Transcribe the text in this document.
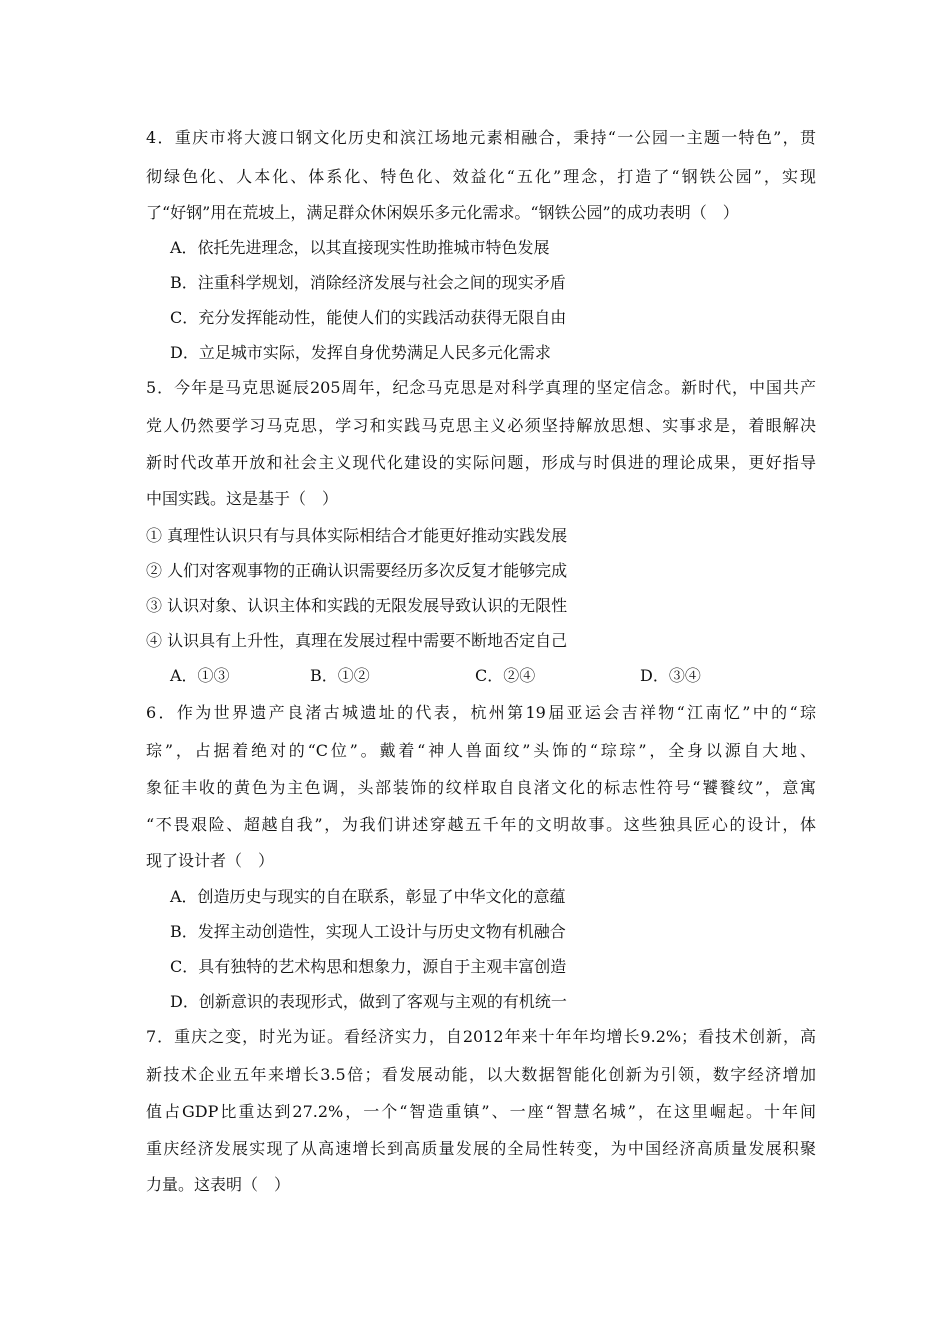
4．重庆市将大渡口钢文化历史和滨江场地元素相融合，秉持“一公园一主题一特色”，贯
彻绿色化、人本化、体系化、特色化、效益化“五化”理念，打造了“钢铁公园”，实现
了“好钢”用在荒坡上，满足群众休闲娱乐多元化需求。“钢铁公园”的成功表明（　）
A．依托先进理念，以其直接现实性助推城市特色发展
B．注重科学规划，消除经济发展与社会之间的现实矛盾
C．充分发挥能动性，能使人们的实践活动获得无限自由
D．立足城市实际，发挥自身优势满足人民多元化需求
5．今年是马克思诞辰205周年，纪念马克思是对科学真理的坚定信念。新时代，中国共产
党人仍然要学习马克思，学习和实践马克思主义必须坚持解放思想、实事求是，着眼解决
新时代改革开放和社会主义现代化建设的实际问题，形成与时俱进的理论成果，更好指导
中国实践。这是基于（　）
① 真理性认识只有与具体实际相结合才能更好推动实践发展
② 人们对客观事物的正确认识需要经历多次反复才能够完成
③ 认识对象、认识主体和实践的无限发展导致认识的无限性
④ 认识具有上升性，真理在发展过程中需要不断地否定自己
A．①③	B．①②	C．②④	D．③④
6．作为世界遗产良渚古城遗址的代表，杭州第19届亚运会吉祥物“江南忆”中的“琮
琮”，占据着绝对的“C位”。戴着“神人兽面纹”头饰的“琮琮”，全身以源自大地、
象征丰收的黄色为主色调，头部装饰的纹样取自良渚文化的标志性符号“饕餮纹”，意寓
“不畏艰险、超越自我”，为我们讲述穿越五千年的文明故事。这些独具匠心的设计，体
现了设计者（　）
A．创造历史与现实的自在联系，彰显了中华文化的意蕴
B．发挥主动创造性，实现人工设计与历史文物有机融合
C．具有独特的艺术构思和想象力，源自于主观丰富创造
D．创新意识的表现形式，做到了客观与主观的有机统一
7．重庆之变，时光为证。看经济实力，自2012年来十年年均增长9.2%；看技术创新，高
新技术企业五年来增长3.5倍；看发展动能，以大数据智能化创新为引领，数字经济增加
值占GDP比重达到27.2%，一个“智造重镇”、一座“智慧名城”，在这里崛起。十年间
重庆经济发展实现了从高速增长到高质量发展的全局性转变，为中国经济高质量发展积聚
力量。这表明（　）
